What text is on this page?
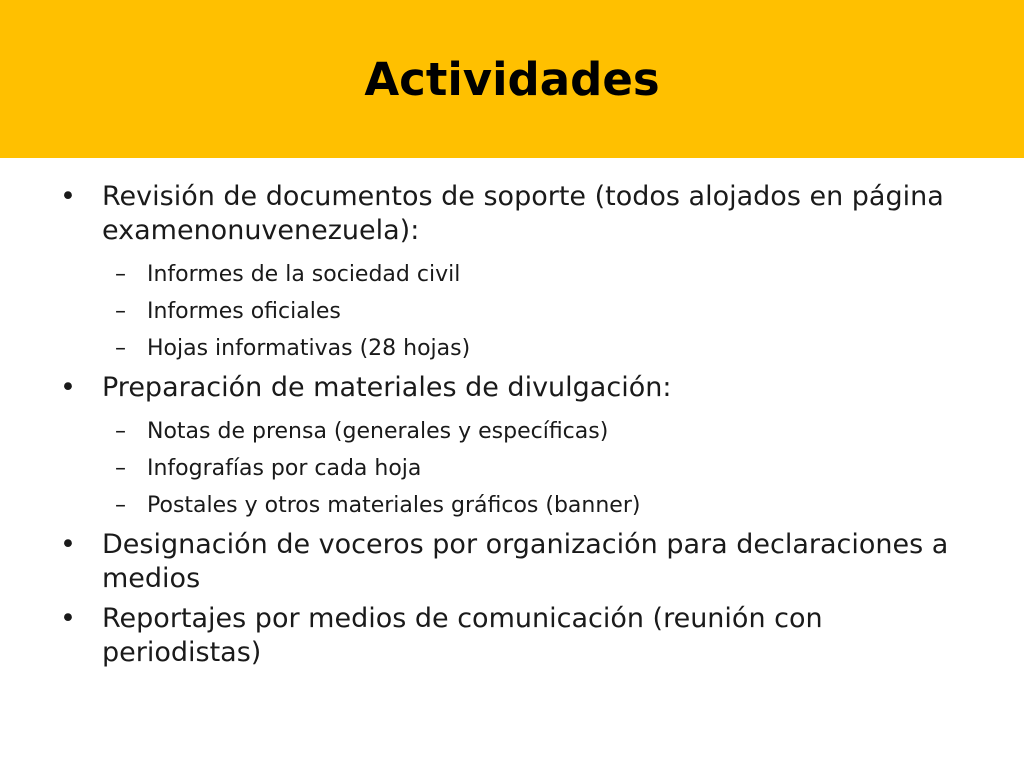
Actividades
• Revisión de documentos de soporte (todos alojados en página examenonuvenezuela):
– Informes de la sociedad civil
– Informes oficiales
– Hojas informativas (28 hojas)
• Preparación de materiales de divulgación:
– Notas de prensa (generales y específicas)
– Infografías por cada hoja
– Postales y otros materiales gráficos (banner)
• Designación de voceros por organización para declaraciones a medios
• Reportajes por medios de comunicación (reunión con periodistas)
